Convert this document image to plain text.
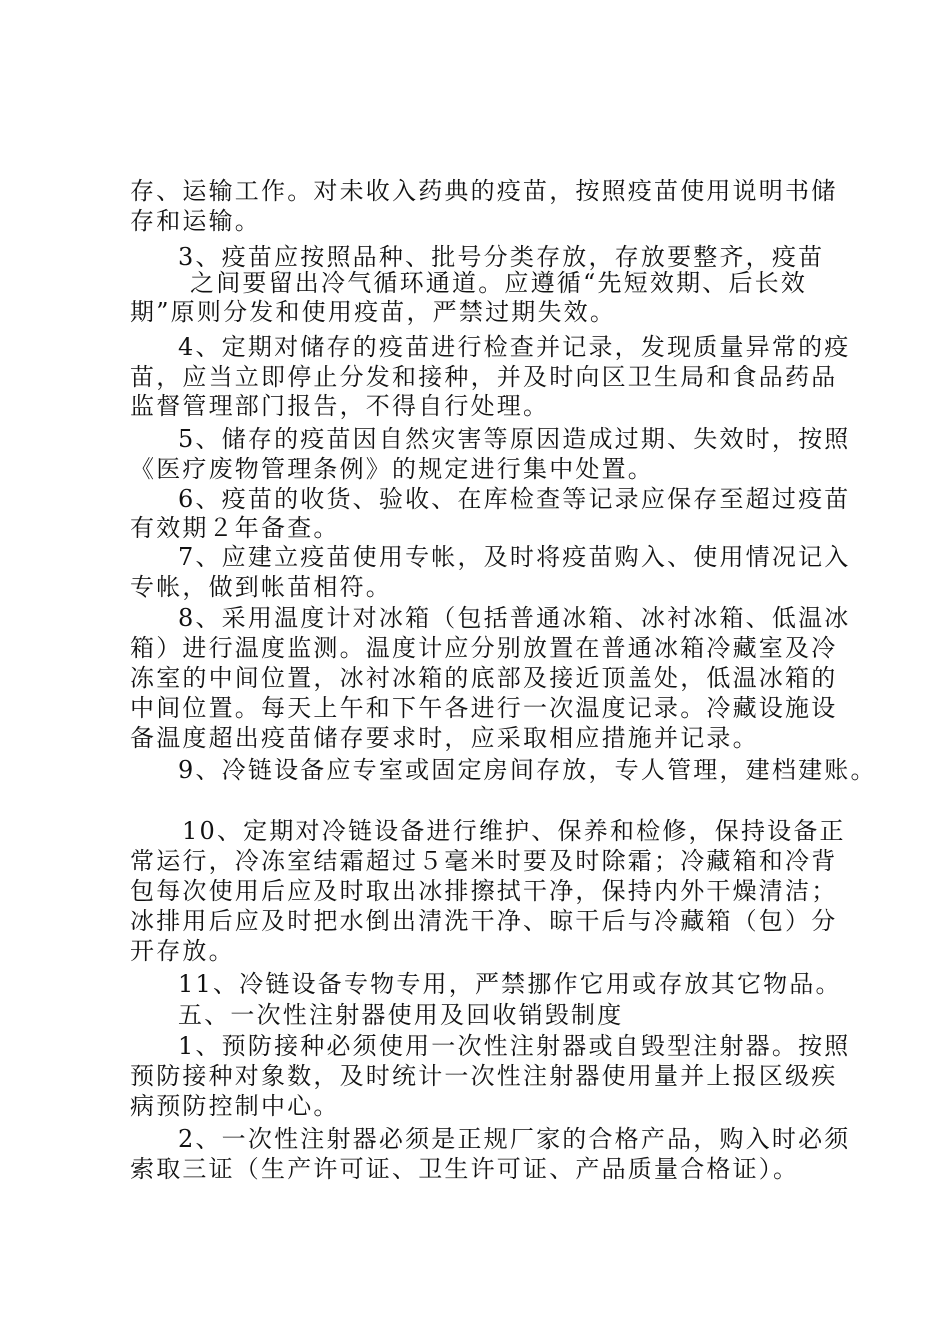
存、运输工作。对未收入药典的疫苗，按照疫苗使用说明书储
存和运输。
3、疫苗应按照品种、批号分类存放，存放要整齐，疫苗
之间要留出冷气循环通道。应遵循“先短效期、后长效
期”原则分发和使用疫苗，严禁过期失效。
4、定期对储存的疫苗进行检查并记录，发现质量异常的疫
苗，应当立即停止分发和接种，并及时向区卫生局和食品药品
监督管理部门报告，不得自行处理。
5、储存的疫苗因自然灾害等原因造成过期、失效时，按照
《医疗废物管理条例》的规定进行集中处置。
6、疫苗的收货、验收、在库检查等记录应保存至超过疫苗
有效期２年备查。
7、应建立疫苗使用专帐，及时将疫苗购入、使用情况记入
专帐，做到帐苗相符。
8、采用温度计对冰箱（包括普通冰箱、冰衬冰箱、低温冰
箱）进行温度监测。温度计应分别放置在普通冰箱冷藏室及冷
冻室的中间位置，冰衬冰箱的底部及接近顶盖处，低温冰箱的
中间位置。每天上午和下午各进行一次温度记录。冷藏设施设
备温度超出疫苗储存要求时，应采取相应措施并记录。
9、冷链设备应专室或固定房间存放，专人管理，建档建账。
10、定期对冷链设备进行维护、保养和检修，保持设备正
常运行，冷冻室结霜超过５毫米时要及时除霜；冷藏箱和冷背
包每次使用后应及时取出冰排擦拭干净，保持内外干燥清洁；
冰排用后应及时把水倒出清洗干净、晾干后与冷藏箱（包）分
开存放。
11、冷链设备专物专用，严禁挪作它用或存放其它物品。
五、一次性注射器使用及回收销毁制度
1、预防接种必须使用一次性注射器或自毁型注射器。按照
预防接种对象数，及时统计一次性注射器使用量并上报区级疾
病预防控制中心。
2、一次性注射器必须是正规厂家的合格产品，购入时必须
索取三证（生产许可证、卫生许可证、产品质量合格证）。
